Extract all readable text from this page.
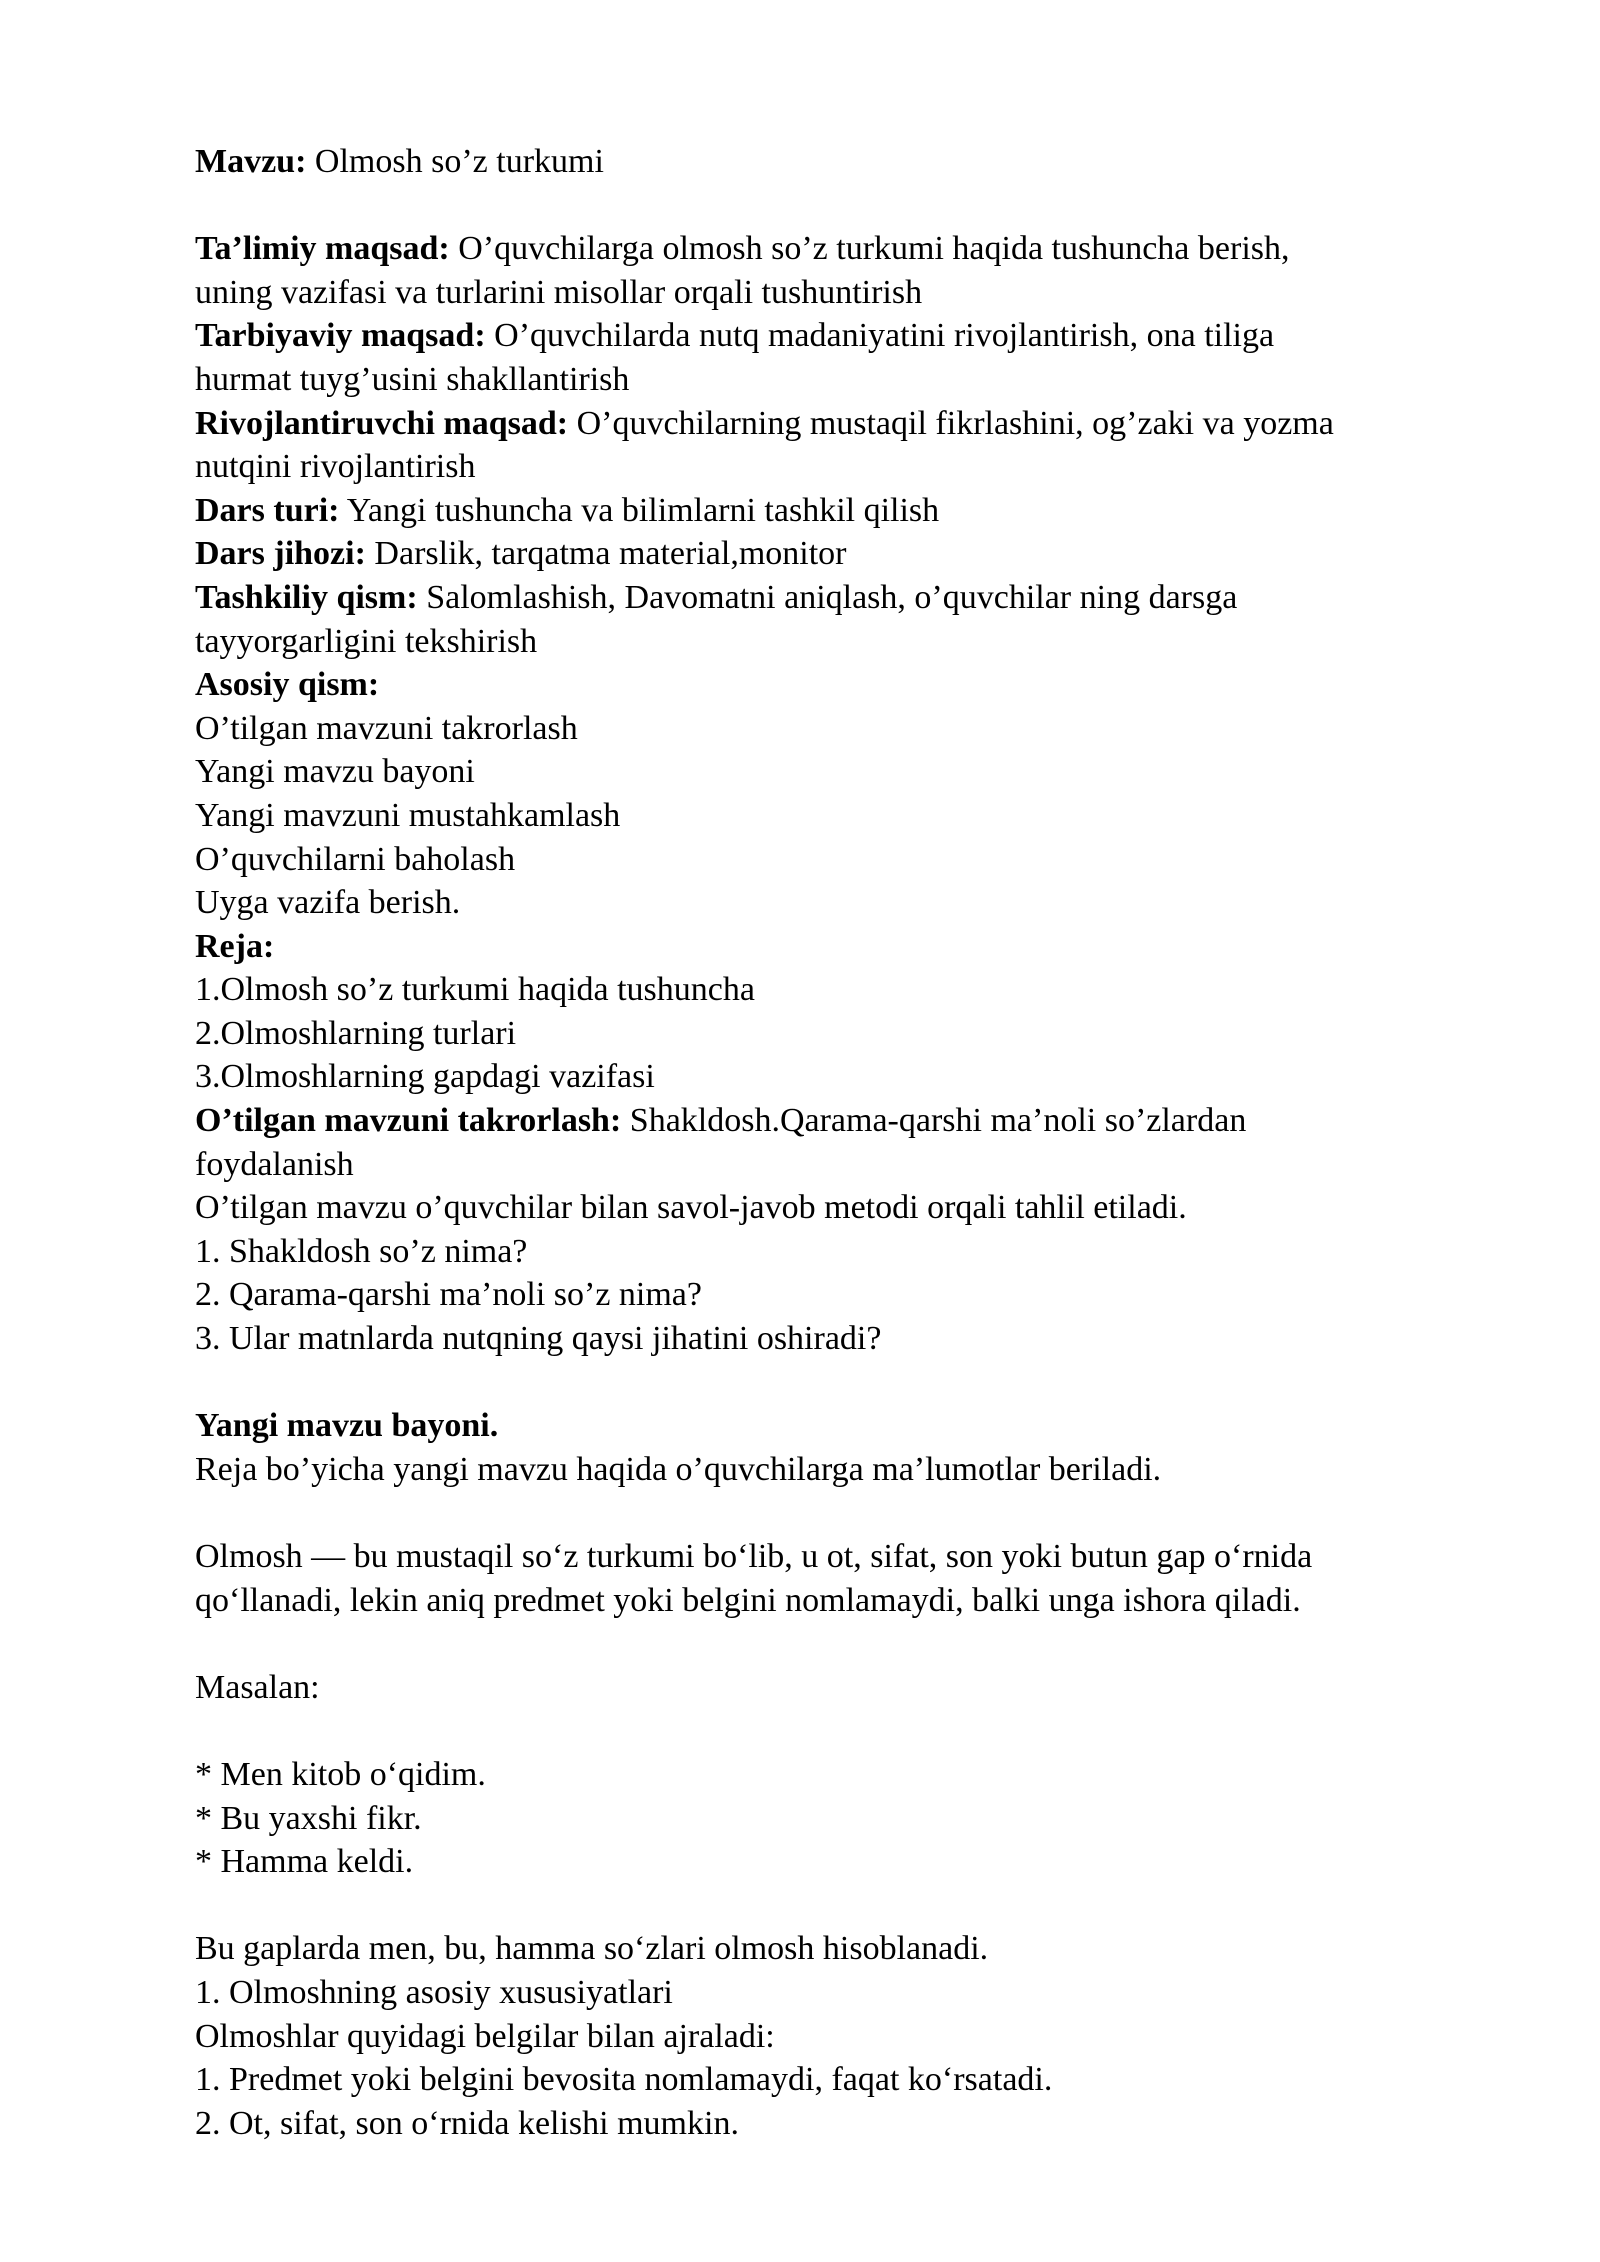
Mavzu: Olmosh so’z turkumi
Ta’limiy maqsad: O’quvchilarga olmosh so’z turkumi haqida tushuncha berish,
uning vazifasi va turlarini misollar orqali tushuntirish
Tarbiyaviy maqsad: O’quvchilarda nutq madaniyatini rivojlantirish, ona tiliga
hurmat tuyg’usini shakllantirish
Rivojlantiruvchi maqsad: O’quvchilarning mustaqil fikrlashini, og’zaki va yozma
nutqini rivojlantirish
Dars turi: Yangi tushuncha va bilimlarni tashkil qilish
Dars jihozi: Darslik, tarqatma material,monitor
Tashkiliy qism: Salomlashish, Davomatni aniqlash, o’quvchilar ning darsga
tayyorgarligini tekshirish
Asosiy qism:
O’tilgan mavzuni takrorlash
Yangi mavzu bayoni
Yangi mavzuni mustahkamlash
O’quvchilarni baholash
Uyga vazifa berish.
Reja:
1.Olmosh so’z turkumi haqida tushuncha
2.Olmoshlarning turlari
3.Olmoshlarning gapdagi vazifasi
O’tilgan mavzuni takrorlash: Shakldosh.Qarama-qarshi ma’noli so’zlardan
foydalanish
O’tilgan mavzu o’quvchilar bilan savol-javob metodi orqali tahlil etiladi.
1. Shakldosh so’z nima?
2. Qarama-qarshi ma’noli so’z nima?
3. Ular matnlarda nutqning qaysi jihatini oshiradi?
Yangi mavzu bayoni.
Reja bo’yicha yangi mavzu haqida o’quvchilarga ma’lumotlar beriladi.
Olmosh — bu mustaqil so‘z turkumi bo‘lib, u ot, sifat, son yoki butun gap o‘rnida
qo‘llanadi, lekin aniq predmet yoki belgini nomlamaydi, balki unga ishora qiladi.
Masalan:
* Men kitob o‘qidim.
* Bu yaxshi fikr.
* Hamma keldi.
Bu gaplarda men, bu, hamma so‘zlari olmosh hisoblanadi.
1. Olmoshning asosiy xususiyatlari
Olmoshlar quyidagi belgilar bilan ajraladi:
1. Predmet yoki belgini bevosita nomlamaydi, faqat ko‘rsatadi.
2. Ot, sifat, son o‘rnida kelishi mumkin.
